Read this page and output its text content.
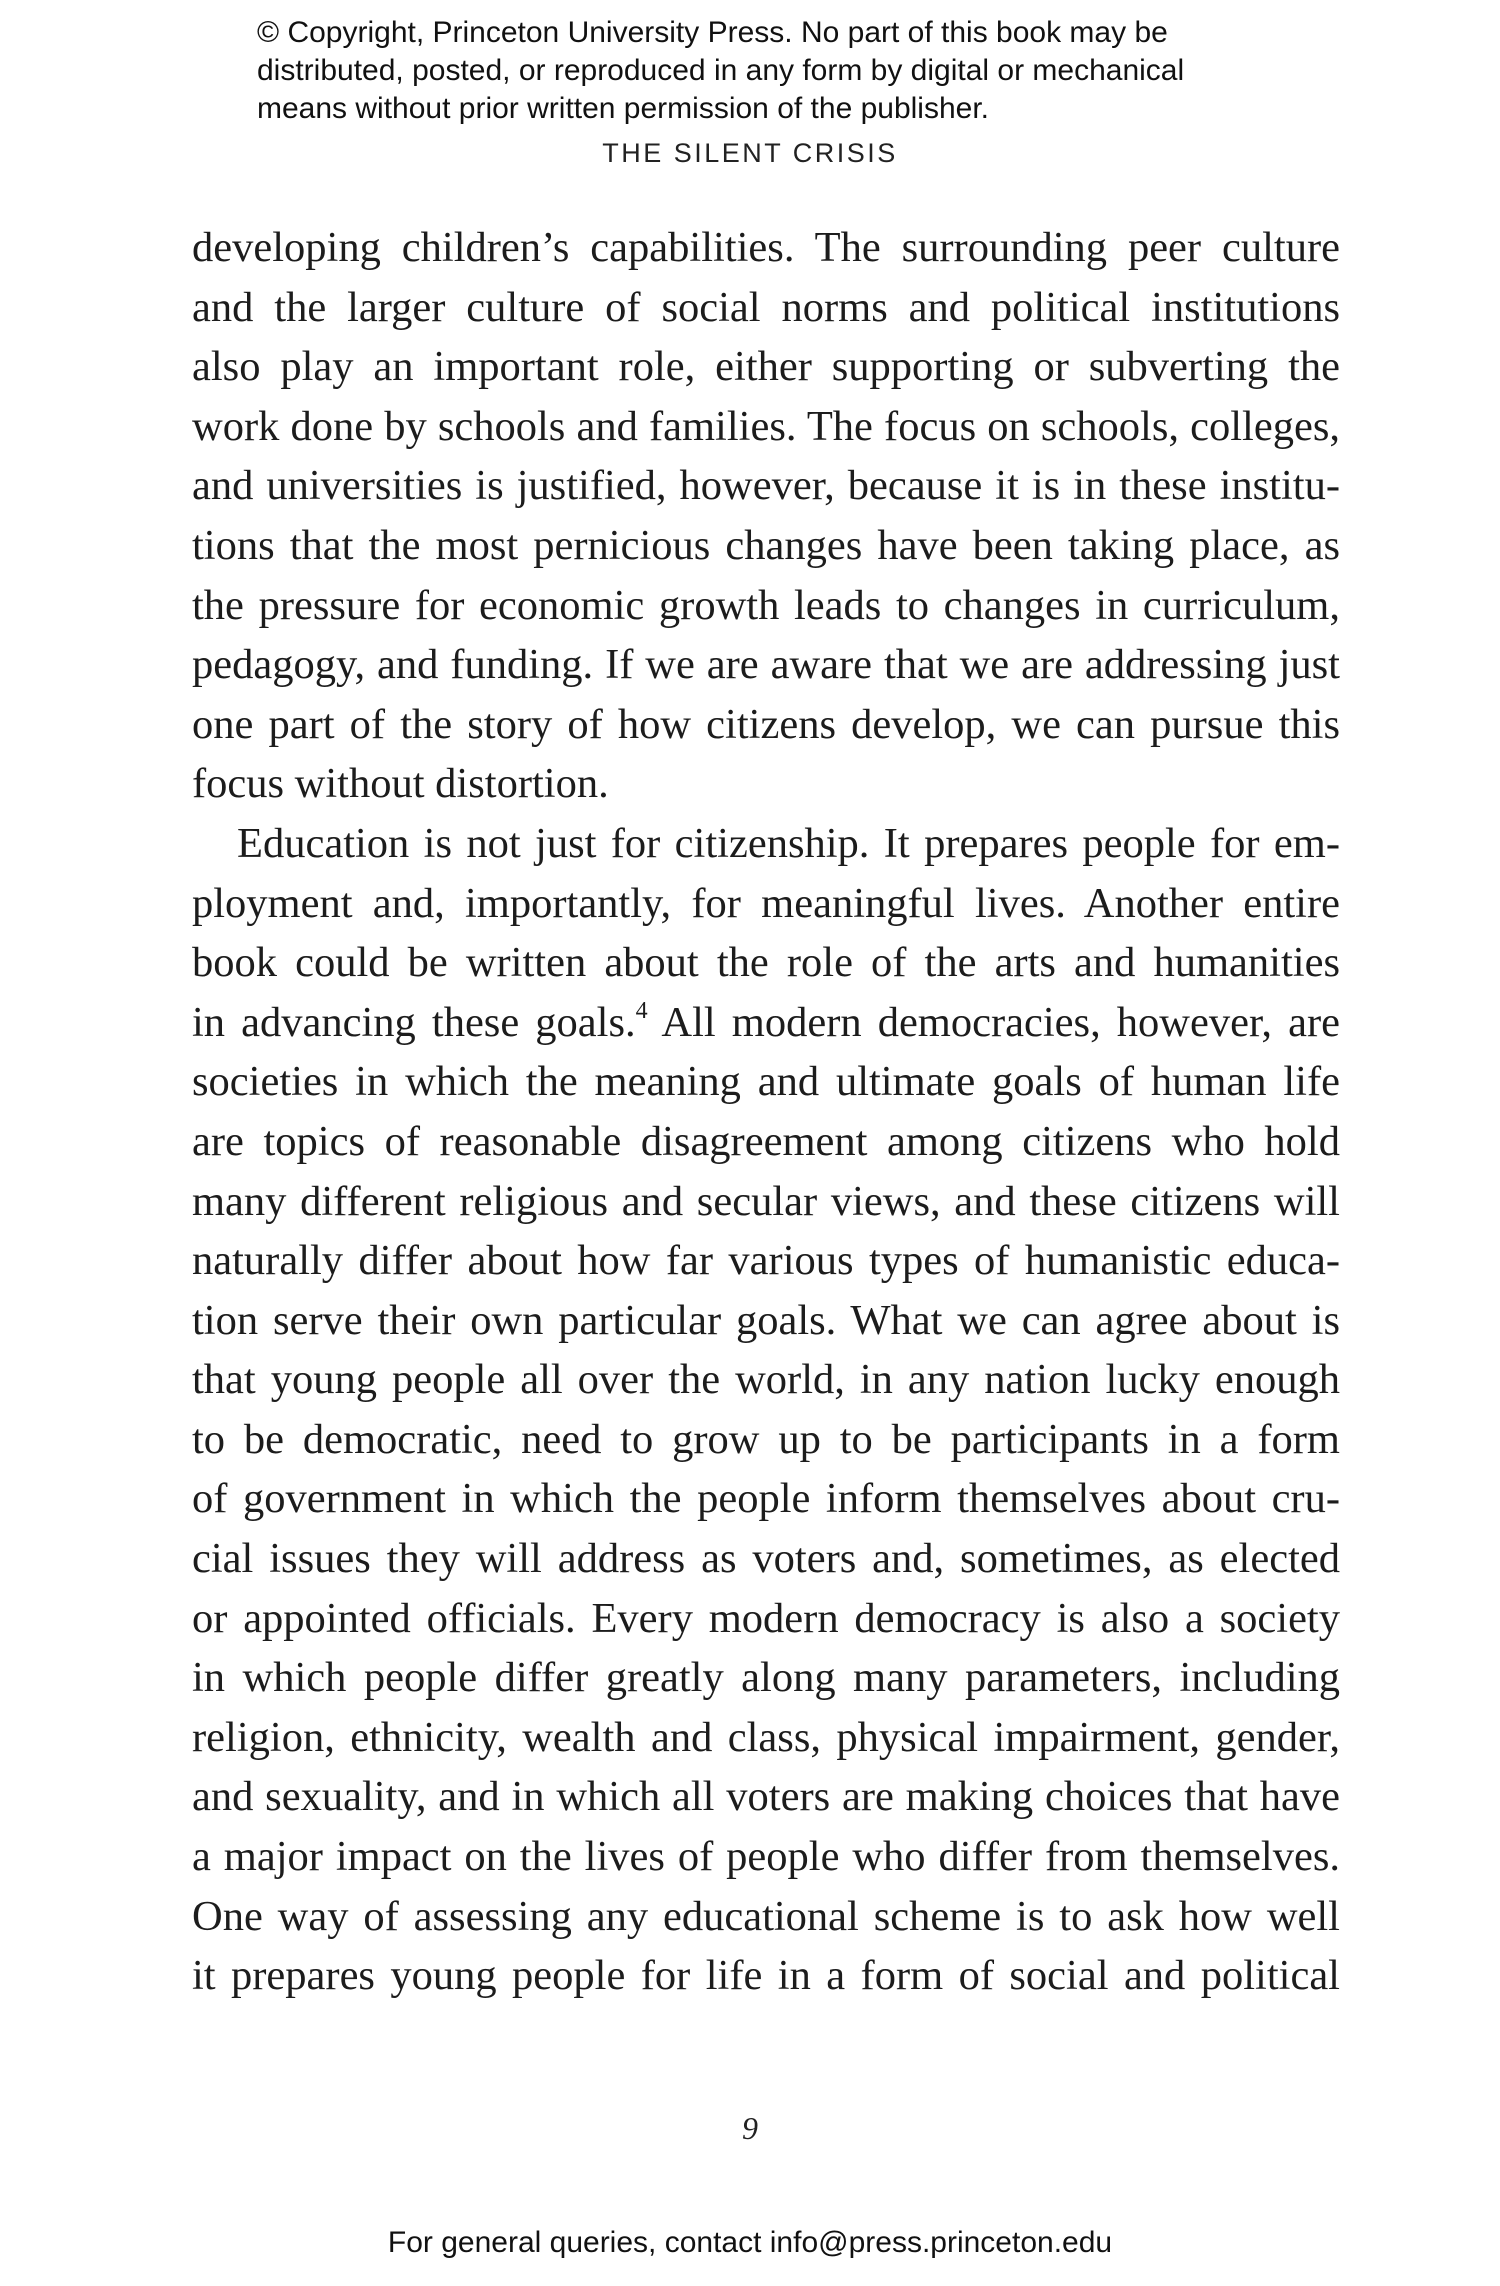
© Copyright, Princeton University Press. No part of this book may be
distributed, posted, or reproduced in any form by digital or mechanical
means without prior written permission of the publisher.
THE SILENT CRISIS
developing children’s capabilities. The surrounding peer culture
and the larger culture of social norms and political institutions
also play an important role, either supporting or subverting the
work done by schools and families. The focus on schools, colleges,
and universities is justified, however, because it is in these institu-
tions that the most pernicious changes have been taking place, as
the pressure for economic growth leads to changes in curriculum,
pedagogy, and funding. If we are aware that we are addressing just
one part of the story of how citizens develop, we can pursue this
focus without distortion.
Education is not just for citizenship. It prepares people for em-
ployment and, importantly, for meaningful lives. Another entire
book could be written about the role of the arts and humanities
in advancing these goals.$^4$ All modern democracies, however, are
societies in which the meaning and ultimate goals of human life
are topics of reasonable disagreement among citizens who hold
many different religious and secular views, and these citizens will
naturally differ about how far various types of humanistic educa-
tion serve their own particular goals. What we can agree about is
that young people all over the world, in any nation lucky enough
to be democratic, need to grow up to be participants in a form
of government in which the people inform themselves about cru-
cial issues they will address as voters and, sometimes, as elected
or appointed officials. Every modern democracy is also a society
in which people differ greatly along many parameters, including
religion, ethnicity, wealth and class, physical impairment, gender,
and sexuality, and in which all voters are making choices that have
a major impact on the lives of people who differ from themselves.
One way of assessing any educational scheme is to ask how well
it prepares young people for life in a form of social and political
9
For general queries, contact info@press.princeton.edu
